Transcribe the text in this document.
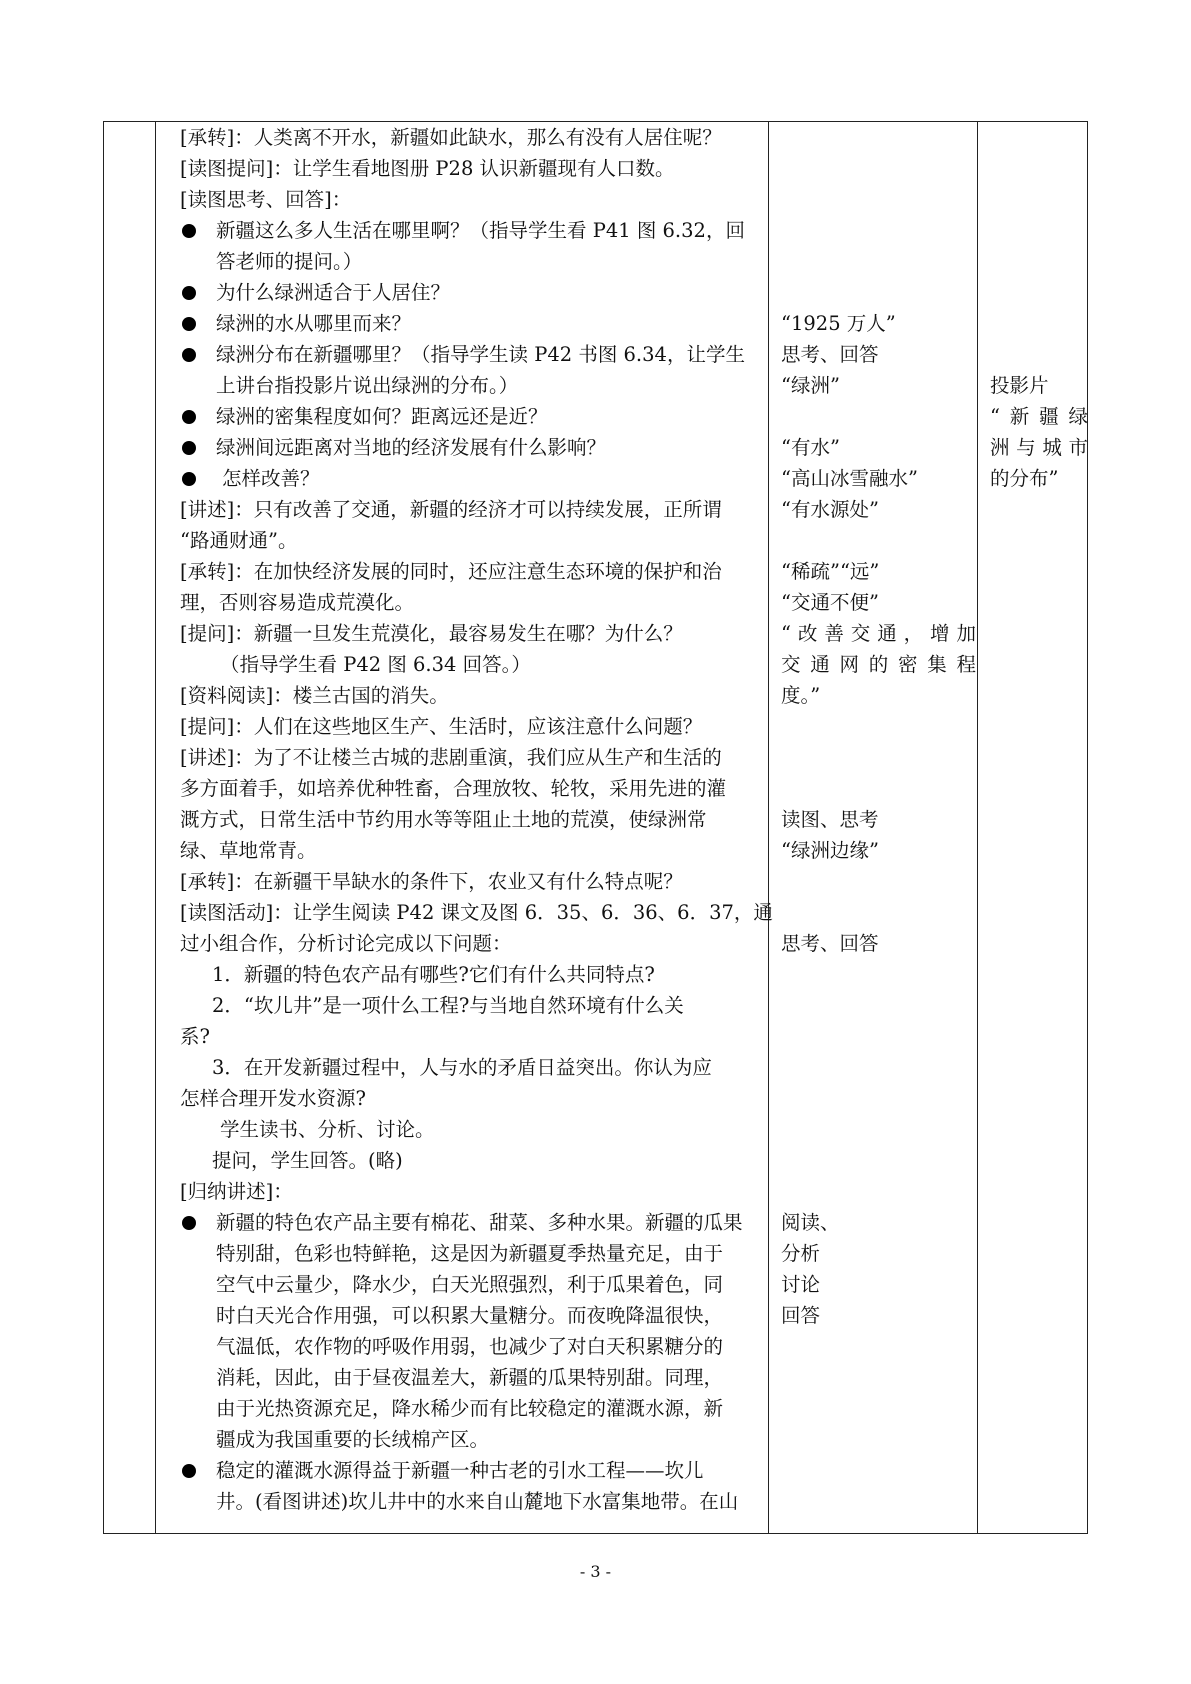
[承转]：人类离不开水，新疆如此缺水，那么有没有人居住呢？
[读图提问]：让学生看地图册 P28 认识新疆现有人口数。
[读图思考、回答]：
新疆这么多人生活在哪里啊？（指导学生看 P41 图 6.32，回
答老师的提问。）
为什么绿洲适合于人居住？
绿洲的水从哪里而来？
绿洲分布在新疆哪里？（指导学生读 P42 书图 6.34，让学生
上讲台指投影片说出绿洲的分布。）
绿洲的密集程度如何？距离远还是近？
绿洲间远距离对当地的经济发展有什么影响？
怎样改善？
[讲述]：只有改善了交通，新疆的经济才可以持续发展，正所谓
“路通财通”。
[承转]：在加快经济发展的同时，还应注意生态环境的保护和治
理，否则容易造成荒漠化。
[提问]：新疆一旦发生荒漠化，最容易发生在哪？为什么？
（指导学生看 P42 图 6.34 回答。）
[资料阅读]：楼兰古国的消失。
[提问]：人们在这些地区生产、生活时，应该注意什么问题？
[讲述]：为了不让楼兰古城的悲剧重演，我们应从生产和生活的
多方面着手，如培养优种牲畜，合理放牧、轮牧，采用先进的灌
溉方式，日常生活中节约用水等等阻止土地的荒漠，使绿洲常
绿、草地常青。
[承转]：在新疆干旱缺水的条件下，农业又有什么特点呢？
[读图活动]：让学生阅读 P42 课文及图 6．35、6．36、6．37，通
过小组合作，分析讨论完成以下问题：
1．新疆的特色农产品有哪些?它们有什么共同特点?
2．“坎儿井”是一项什么工程?与当地自然环境有什么关
系?
3．在开发新疆过程中，人与水的矛盾日益突出。你认为应
怎样合理开发水资源?
学生读书、分析、讨论。
提问，学生回答。(略)
[归纳讲述]：
新疆的特色农产品主要有棉花、甜菜、多种水果。新疆的瓜果
特别甜，色彩也特鲜艳，这是因为新疆夏季热量充足，由于
空气中云量少，降水少，白天光照强烈，利于瓜果着色，同
时白天光合作用强，可以积累大量糖分。而夜晚降温很快，
气温低，农作物的呼吸作用弱，也减少了对白天积累糖分的
消耗，因此，由于昼夜温差大，新疆的瓜果特别甜。同理，
由于光热资源充足，降水稀少而有比较稳定的灌溉水源，新
疆成为我国重要的长绒棉产区。
稳定的灌溉水源得益于新疆一种古老的引水工程——坎儿
井。(看图讲述)坎儿井中的水来自山麓地下水富集地带。在山
“1925 万人”
思考、回答
“绿洲”
“有水”
“高山冰雪融水”
“有水源处”
“稀疏”“远”
“交通不便”
“改善交通，增加
交通网的密集程
度。”
读图、思考
“绿洲边缘”
思考、回答
阅读、
分析
讨论
回答
投影片
“新疆绿
洲与城市
的分布”
- 3 -
